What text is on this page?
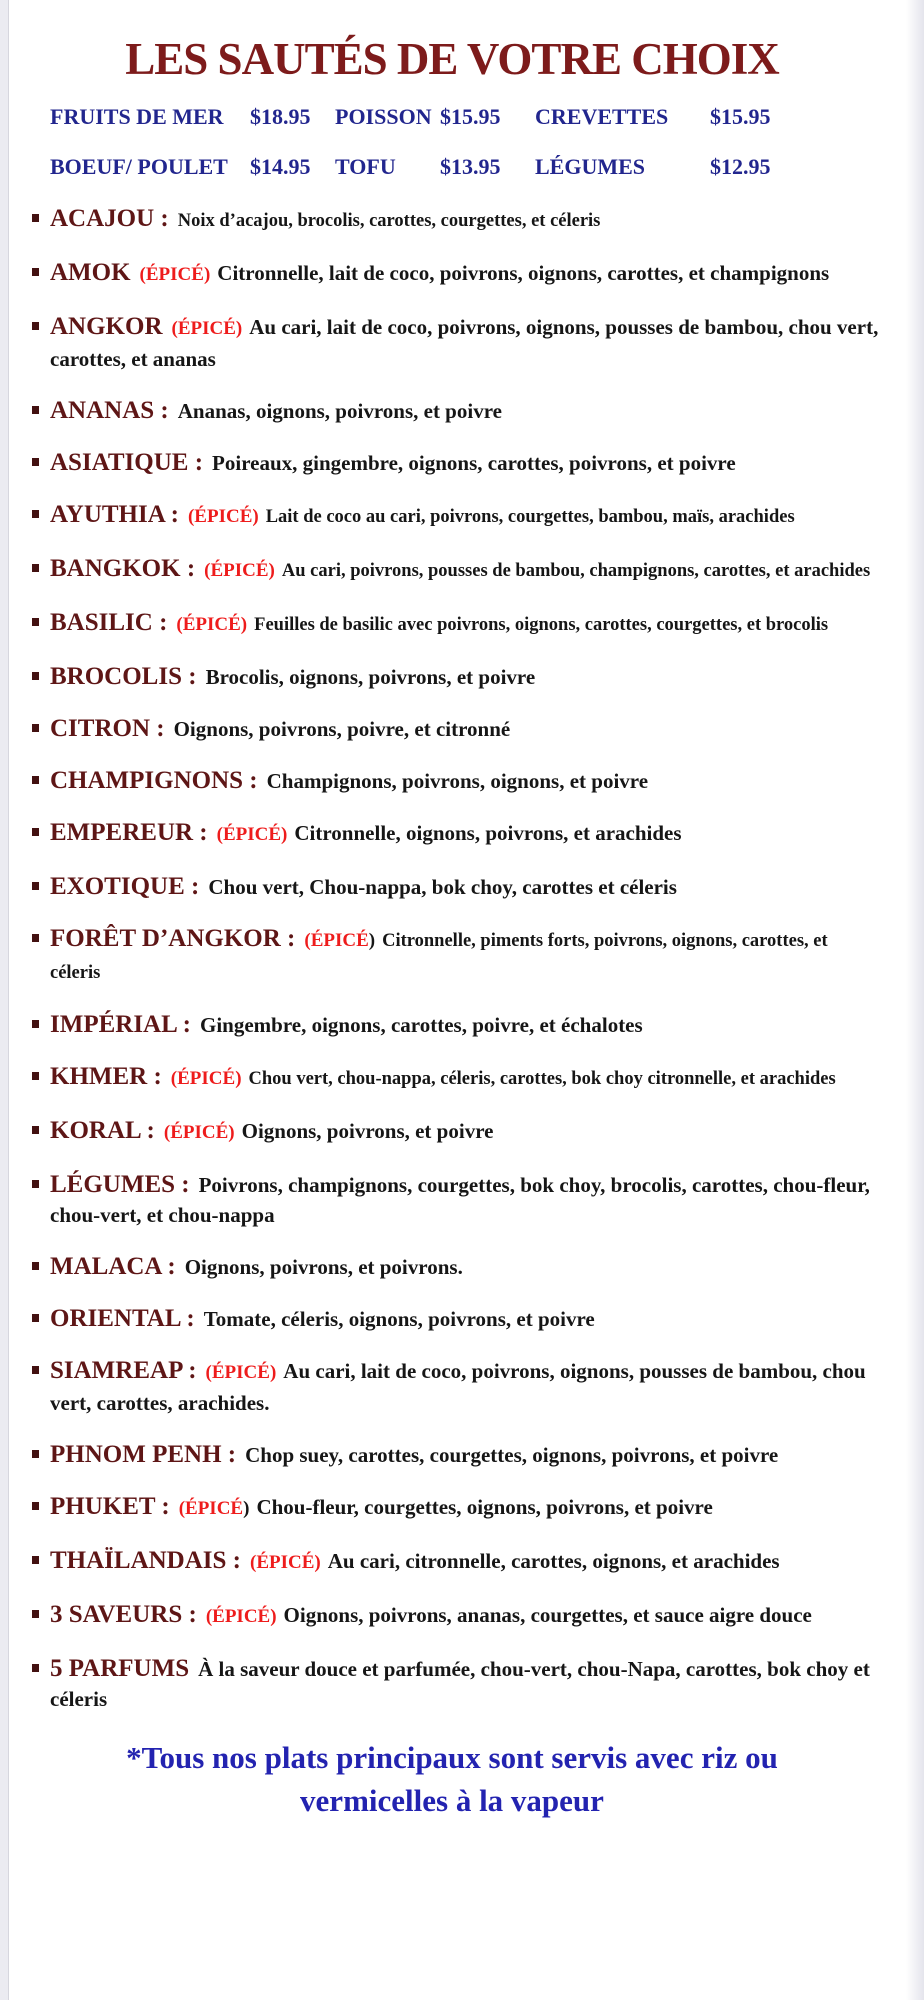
LES SAUTÉS DE VOTRE CHOIX
FRUITS DE MER	$18.95	POISSON $15.95	CREVETTES	$15.95
BOEUF/ POULET	$14.95	TOFU	$13.95	LÉGUMES	$12.95
ACAJOU : Noix d’acajou, brocolis, carottes, courgettes, et céleris
AMOK (ÉPICÉ) Citronnelle, lait de coco, poivrons, oignons, carottes, et champignons
ANGKOR (ÉPICÉ) Au cari, lait de coco, poivrons, oignons, pousses de bambou, chou vert, carottes, et ananas
ANANAS : Ananas, oignons, poivrons, et poivre
ASIATIQUE : Poireaux, gingembre, oignons, carottes, poivrons, et poivre
AYUTHIA : (ÉPICÉ) Lait de coco au cari, poivrons, courgettes, bambou, maïs, arachides
BANGKOK : (ÉPICÉ) Au cari, poivrons, pousses de bambou, champignons, carottes, et arachides
BASILIC : (ÉPICÉ) Feuilles de basilic avec poivrons, oignons, carottes, courgettes, et brocolis
BROCOLIS : Brocolis, oignons, poivrons, et poivre
CITRON : Oignons, poivrons, poivre, et citronné
CHAMPIGNONS : Champignons, poivrons, oignons, et poivre
EMPEREUR : (ÉPICÉ) Citronnelle, oignons, poivrons, et arachides
EXOTIQUE : Chou vert, Chou-nappa, bok choy, carottes et céleris
FORÊT D’ANGKOR : (ÉPICÉ) Citronnelle, piments forts, poivrons, oignons, carottes, et céleris
IMPÉRIAL : Gingembre, oignons, carottes, poivre, et échalotes
KHMER : (ÉPICÉ) Chou vert, chou-nappa, céleris, carottes, bok choy citronnelle, et arachides
KORAL : (ÉPICÉ) Oignons, poivrons, et poivre
LÉGUMES : Poivrons, champignons, courgettes, bok choy, brocolis, carottes, chou-fleur, chou-vert, et chou-nappa
MALACA : Oignons, poivrons, et poivrons.
ORIENTAL : Tomate, céleris, oignons, poivrons, et poivre
SIAMREAP : (ÉPICÉ) Au cari, lait de coco, poivrons, oignons, pousses de bambou, chou vert, carottes, arachides.
PHNOM PENH : Chop suey, carottes, courgettes, oignons, poivrons, et poivre
PHUKET : (ÉPICÉ) Chou-fleur, courgettes, oignons, poivrons, et poivre
THAÏLANDAIS : (ÉPICÉ) Au cari, citronnelle, carottes, oignons, et arachides
3 SAVEURS : (ÉPICÉ) Oignons, poivrons, ananas, courgettes, et sauce aigre douce
5 PARFUMS À la saveur douce et parfumée, chou-vert, chou-Napa, carottes, bok choy et céleris
*Tous nos plats principaux sont servis avec riz ou vermicelles à la vapeur
